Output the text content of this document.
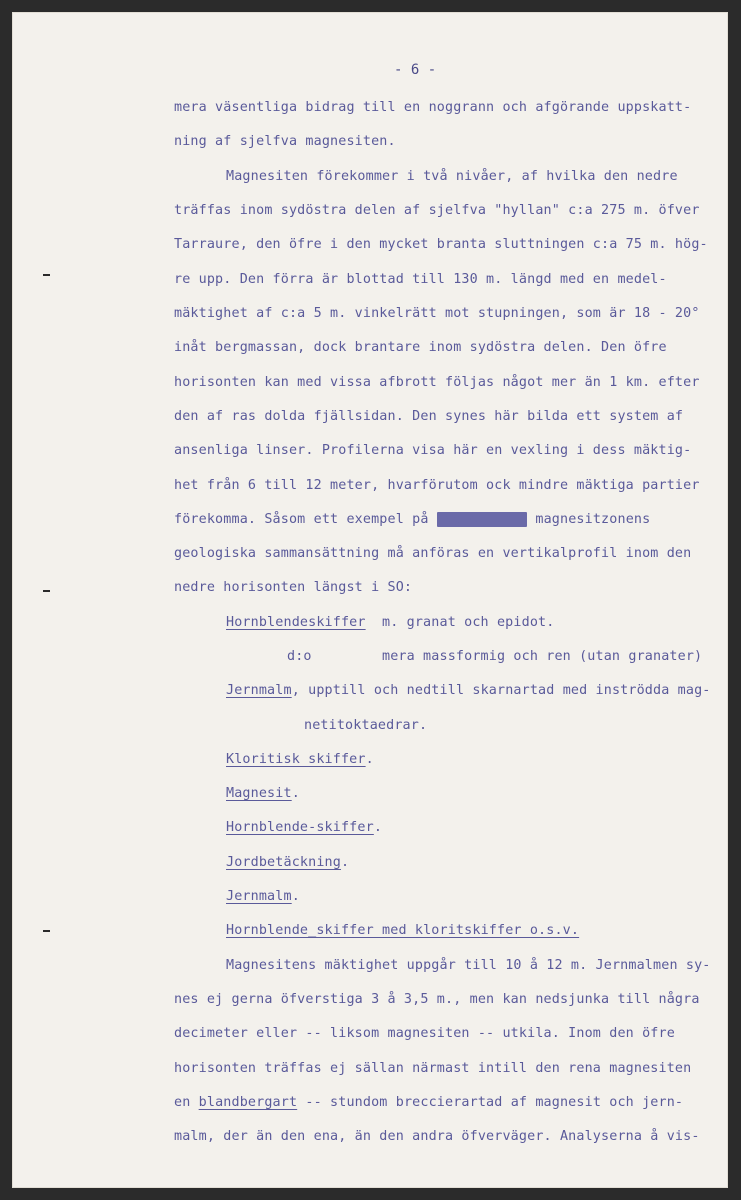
- 6 -
mera väsentliga bidrag till en noggrann och afgörande uppskatt-
ning af sjelfva magnesiten.
Magnesiten förekommer i två nivåer, af hvilka den nedre
träffas inom sydöstra delen af sjelfva "hyllan" c:a 275 m. öfver
Tarraure, den öfre i den mycket branta sluttningen c:a 75 m. hög-
re upp. Den förra är blottad till 130 m. längd med en medel-
mäktighet af c:a 5 m. vinkelrätt mot stupningen, som är 18 - 20°
inåt bergmassan, dock brantare inom sydöstra delen. Den öfre
horisonten kan med vissa afbrott följas något mer än 1 km. efter
den af ras dolda fjällsidan. Den synes här bilda ett system af
ansenliga linser. Profilerna visa här en vexling i dess mäktig-
het från 6 till 12 meter, hvarförutom ock mindre mäktiga partier
förekomma. Såsom ett exempel på magnesitmmm magnesitzonens
geologiska sammansättning må anföras en vertikalprofil inom den
nedre horisonten längst i SO:
Hornblendeskiffer m. granat och epidot.
d:o	mera massformig och ren (utan granater)
Jernmalm, upptill och nedtill skarnartad med inströdda mag-
netitoktaedrar.
Kloritisk skiffer.
Magnesit.
Hornblende-skiffer.
Jordbetäckning.
Jernmalm.
Hornblende_skiffer med kloritskiffer o.s.v.
Magnesitens mäktighet uppgår till 10 å 12 m. Jernmalmen sy-
nes ej gerna öfverstiga 3 å 3,5 m., men kan nedsjunka till några
decimeter eller -- liksom magnesiten -- utkila. Inom den öfre
horisonten träffas ej sällan närmast intill den rena magnesiten
en blandbergart -- stundom breccierartad af magnesit och jern-
malm, der än den ena, än den andra öfverväger. Analyserna å vis-
